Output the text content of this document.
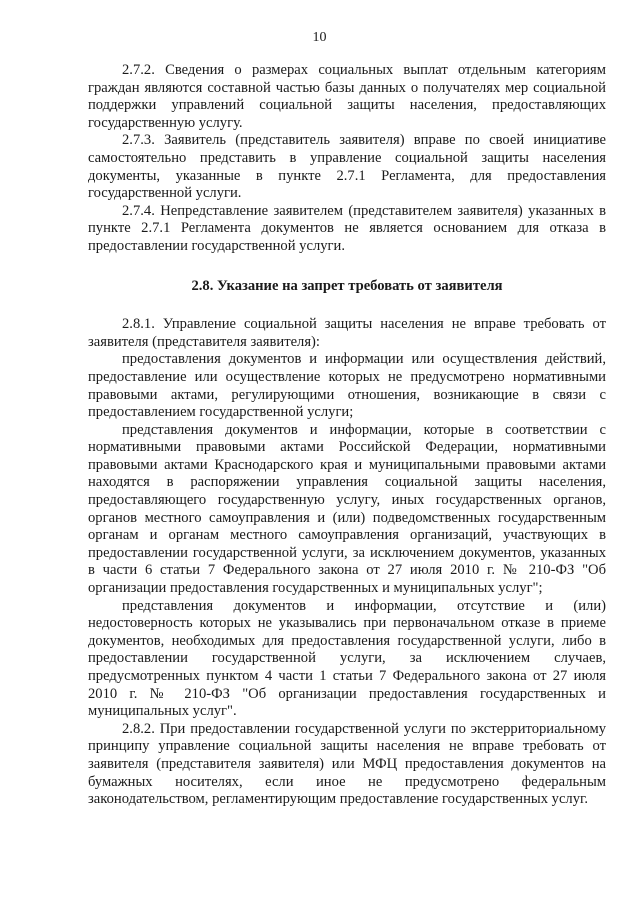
10

2.7.2. Сведения о размерах социальных выплат отдельным категориям граждан являются составной частью базы данных о получателях мер социальной поддержки управлений социальной защиты населения, предоставляющих государственную услугу.

2.7.3. Заявитель (представитель заявителя) вправе по своей инициативе самостоятельно представить в управление социальной защиты населения документы, указанные в пункте 2.7.1 Регламента, для предоставления государственной услуги.

2.7.4. Непредставление заявителем (представителем заявителя) указанных в пункте 2.7.1 Регламента документов не является основанием для отказа в предоставлении государственной услуги.

2.8. Указание на запрет требовать от заявителя

2.8.1. Управление социальной защиты населения не вправе требовать от заявителя (представителя заявителя):

предоставления документов и информации или осуществления действий, предоставление или осуществление которых не предусмотрено нормативными правовыми актами, регулирующими отношения, возникающие в связи с предоставлением государственной услуги;

представления документов и информации, которые в соответствии с нормативными правовыми актами Российской Федерации, нормативными правовыми актами Краснодарского края и муниципальными правовыми актами находятся в распоряжении управления социальной защиты населения, предоставляющего государственную услугу, иных государственных органов, органов местного самоуправления и (или) подведомственных государственным органам и органам местного самоуправления организаций, участвующих в предоставлении государственной услуги, за исключением документов, указанных в части 6 статьи 7 Федерального закона от 27 июля 2010 г. № 210-ФЗ "Об организации предоставления государственных и муниципальных услуг";

представления документов и информации, отсутствие и (или) недостоверность которых не указывались при первоначальном отказе в приеме документов, необходимых для предоставления государственной услуги, либо в предоставлении государственной услуги, за исключением случаев, предусмотренных пунктом 4 части 1 статьи 7 Федерального закона от 27 июля 2010 г. № 210-ФЗ "Об организации предоставления государственных и муниципальных услуг".

2.8.2. При предоставлении государственной услуги по экстерриториальному принципу управление социальной защиты населения не вправе требовать от заявителя (представителя заявителя) или МФЦ предоставления документов на бумажных носителях, если иное не предусмотрено федеральным законодательством, регламентирующим предоставление государственных услуг.
